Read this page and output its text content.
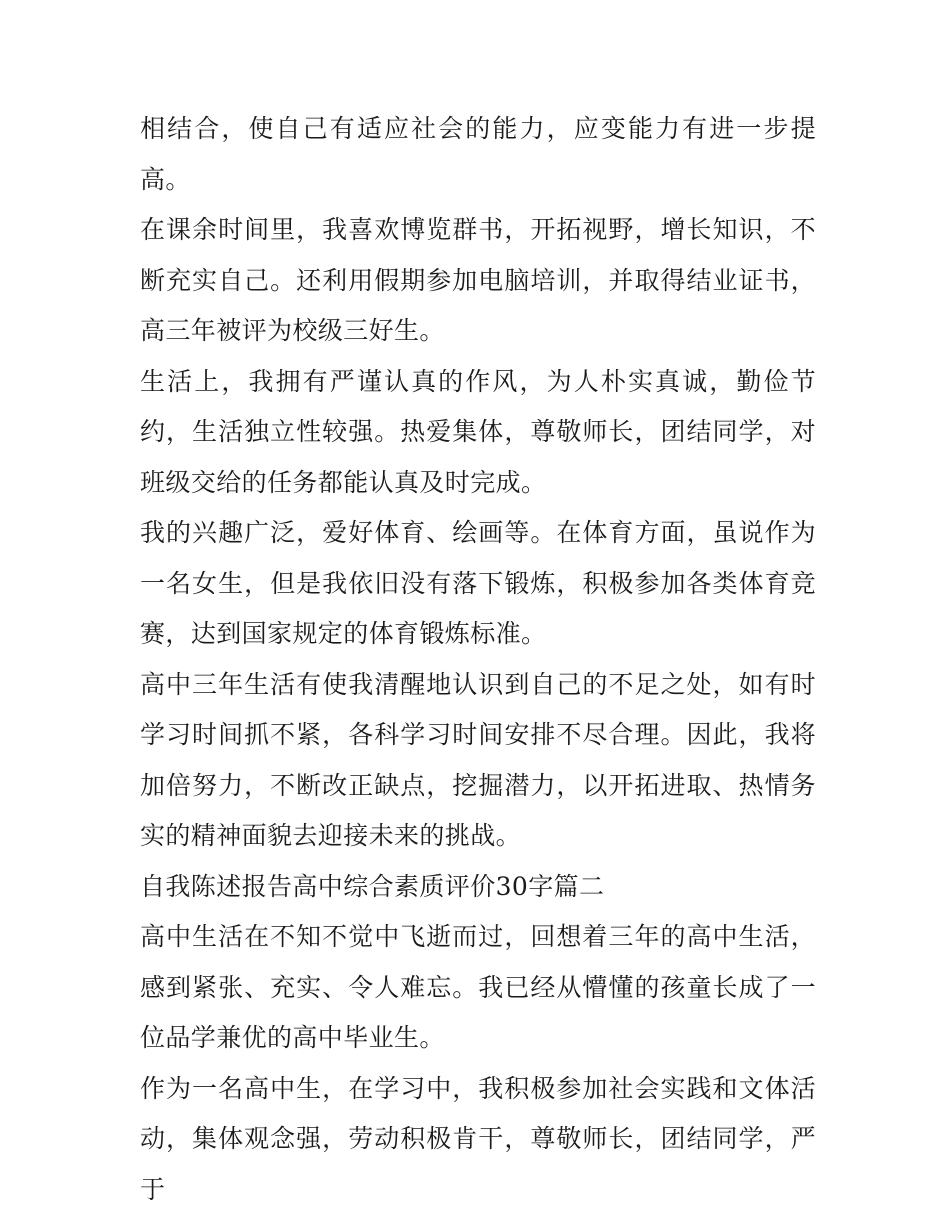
相结合，使自己有适应社会的能力，应变能力有进一步提高。

在课余时间里，我喜欢博览群书，开拓视野，增长知识，不断充实自己。还利用假期参加电脑培训，并取得结业证书，高三年被评为校级三好生。

生活上，我拥有严谨认真的作风，为人朴实真诚，勤俭节约，生活独立性较强。热爱集体，尊敬师长，团结同学，对班级交给的任务都能认真及时完成。

我的兴趣广泛，爱好体育、绘画等。在体育方面，虽说作为一名女生，但是我依旧没有落下锻炼，积极参加各类体育竞赛，达到国家规定的体育锻炼标准。

高中三年生活有使我清醒地认识到自己的不足之处，如有时学习时间抓不紧，各科学习时间安排不尽合理。因此，我将加倍努力，不断改正缺点，挖掘潜力，以开拓进取、热情务实的精神面貌去迎接未来的挑战。

自我陈述报告高中综合素质评价30字篇二

高中生活在不知不觉中飞逝而过，回想着三年的高中生活，感到紧张、充实、令人难忘。我已经从懵懂的孩童长成了一位品学兼优的高中毕业生。

作为一名高中生，在学习中，我积极参加社会实践和文体活动，集体观念强，劳动积极肯干，尊敬师长，团结同学，严于
